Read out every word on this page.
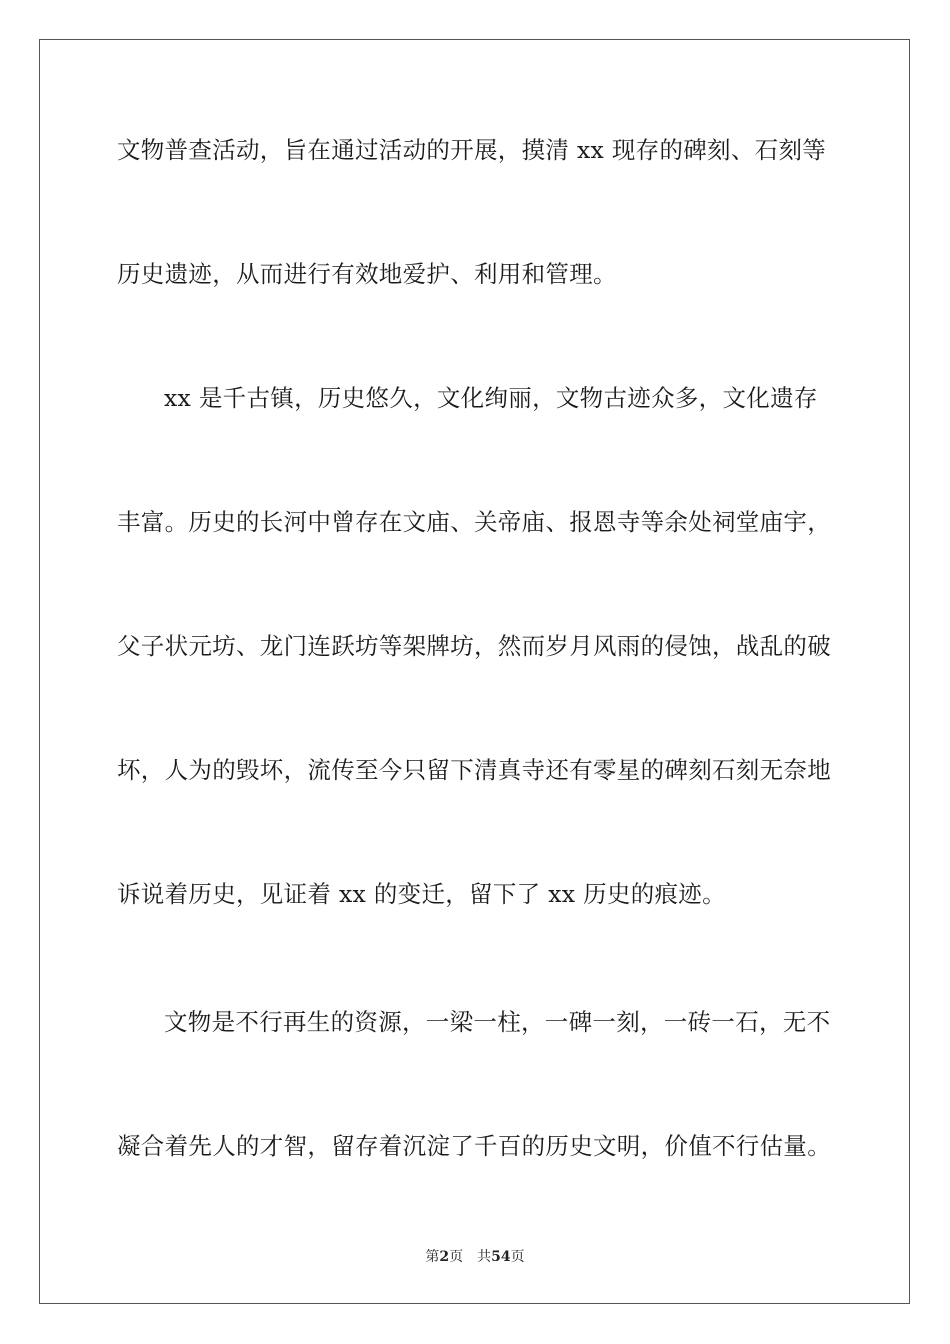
文物普查活动，旨在通过活动的开展，摸清 xx 现存的碑刻、石刻等
历史遗迹，从而进行有效地爱护、利用和管理。
xx 是千古镇，历史悠久，文化绚丽，文物古迹众多，文化遗存
丰富。历史的长河中曾存在文庙、关帝庙、报恩寺等余处祠堂庙宇，
父子状元坊、龙门连跃坊等架牌坊，然而岁月风雨的侵蚀，战乱的破
坏，人为的毁坏，流传至今只留下清真寺还有零星的碑刻石刻无奈地
诉说着历史，见证着 xx 的变迁，留下了 xx 历史的痕迹。
文物是不行再生的资源，一梁一柱，一碑一刻，一砖一石，无不
凝合着先人的才智，留存着沉淀了千百的历史文明，价值不行估量。
第2页 共54页
